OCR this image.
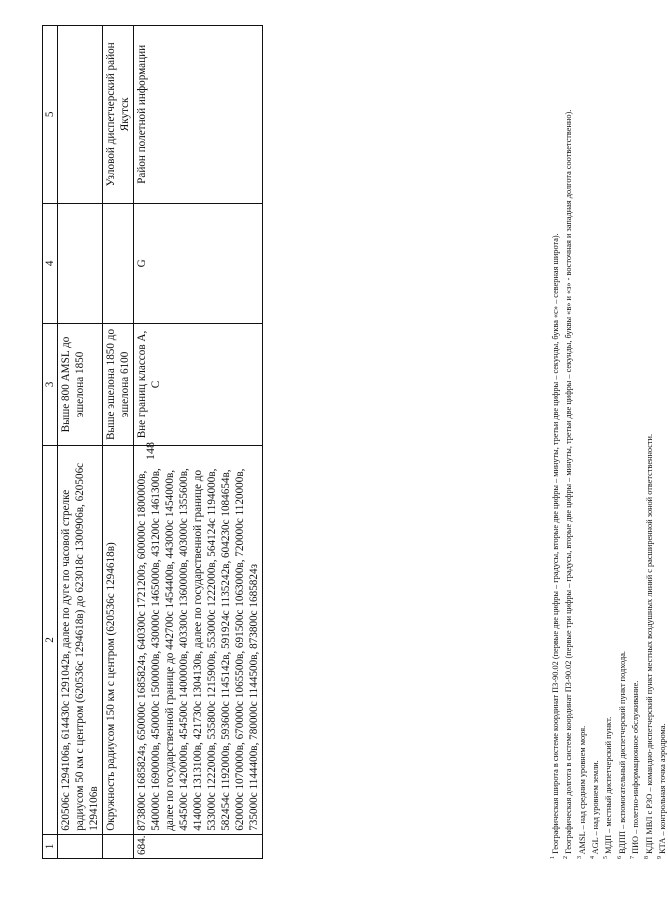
148
1	2	3	4	5
	620506с 1294106в, 614430с 1291042в, далее по дуге по часовой стрелке радиусом 50 км с центром (620536с 1294618в) до 623018с 1300906в, 620506с 1294106в	Выше 800 AMSL до эшелона 1850		
	Окружность радиусом 150 км с центром (620536с 1294618в)	Выше эшелона 1850 до эшелона 6100		Узловой диспетчерский район Якутск
684.	873800с 1685824з, 650000с 1685824з, 640300с 1721200з, 600000с 1800000в, 540000с 1690000в, 450000с 1500000в, 430000с 1465000в, 431200с 1461300в, далее по государственной границе до 442700с 1454400в, 443000с 1454000в, 454500с 1420000в, 454500с 1400000в, 403300с 1360000в, 403000с 1355600в, 414000с 1313100в, 421730с 1304130в, далее по государственной границе до 533000с 1222000в, 535800с 1215900в, 553000с 1222000в, 564124с 1194000в, 582454с 1192000в, 593600с 1145142в, 591924с 1135242в, 604230с 1084654в, 620000с 1070000в, 670000с 1065500в, 691500с 1063000в, 720000с 1120000в, 735000с 1144400в, 780000с 1144500в, 873800с 1685824з	Вне границ классов A, C	G	Район полетной информации

$^1$ Географическая широта в системе координат ПЗ-90.02 (первые две цифры – градусы, вторые две цифры – минуты, третьи две цифры – секунды, буква «с» – северная широта).

$^2$ Географическая долгота в системе координат ПЗ-90.02 (первые три цифры – градусы, вторые две цифры – минуты, третьи две цифры – секунды, буквы «в» и «з» - восточная и западная долгота соответственно).

$^3$ AMSL – над средним уровнем моря.

$^4$ AGL – над уровнем земли.

$^5$ МДП – местный диспетчерский пункт.

$^6$ ВДПП – вспомогательный диспетчерский пункт подхода.

$^7$ ПИО – полетно-информационное обслуживание.

$^8$ КДП МВЛ с РЗО – командно-диспетчерский пункт местных воздушных линий с расширенной зоной ответственности.

$^9$ КТА – контрольная точка аэродрома.
